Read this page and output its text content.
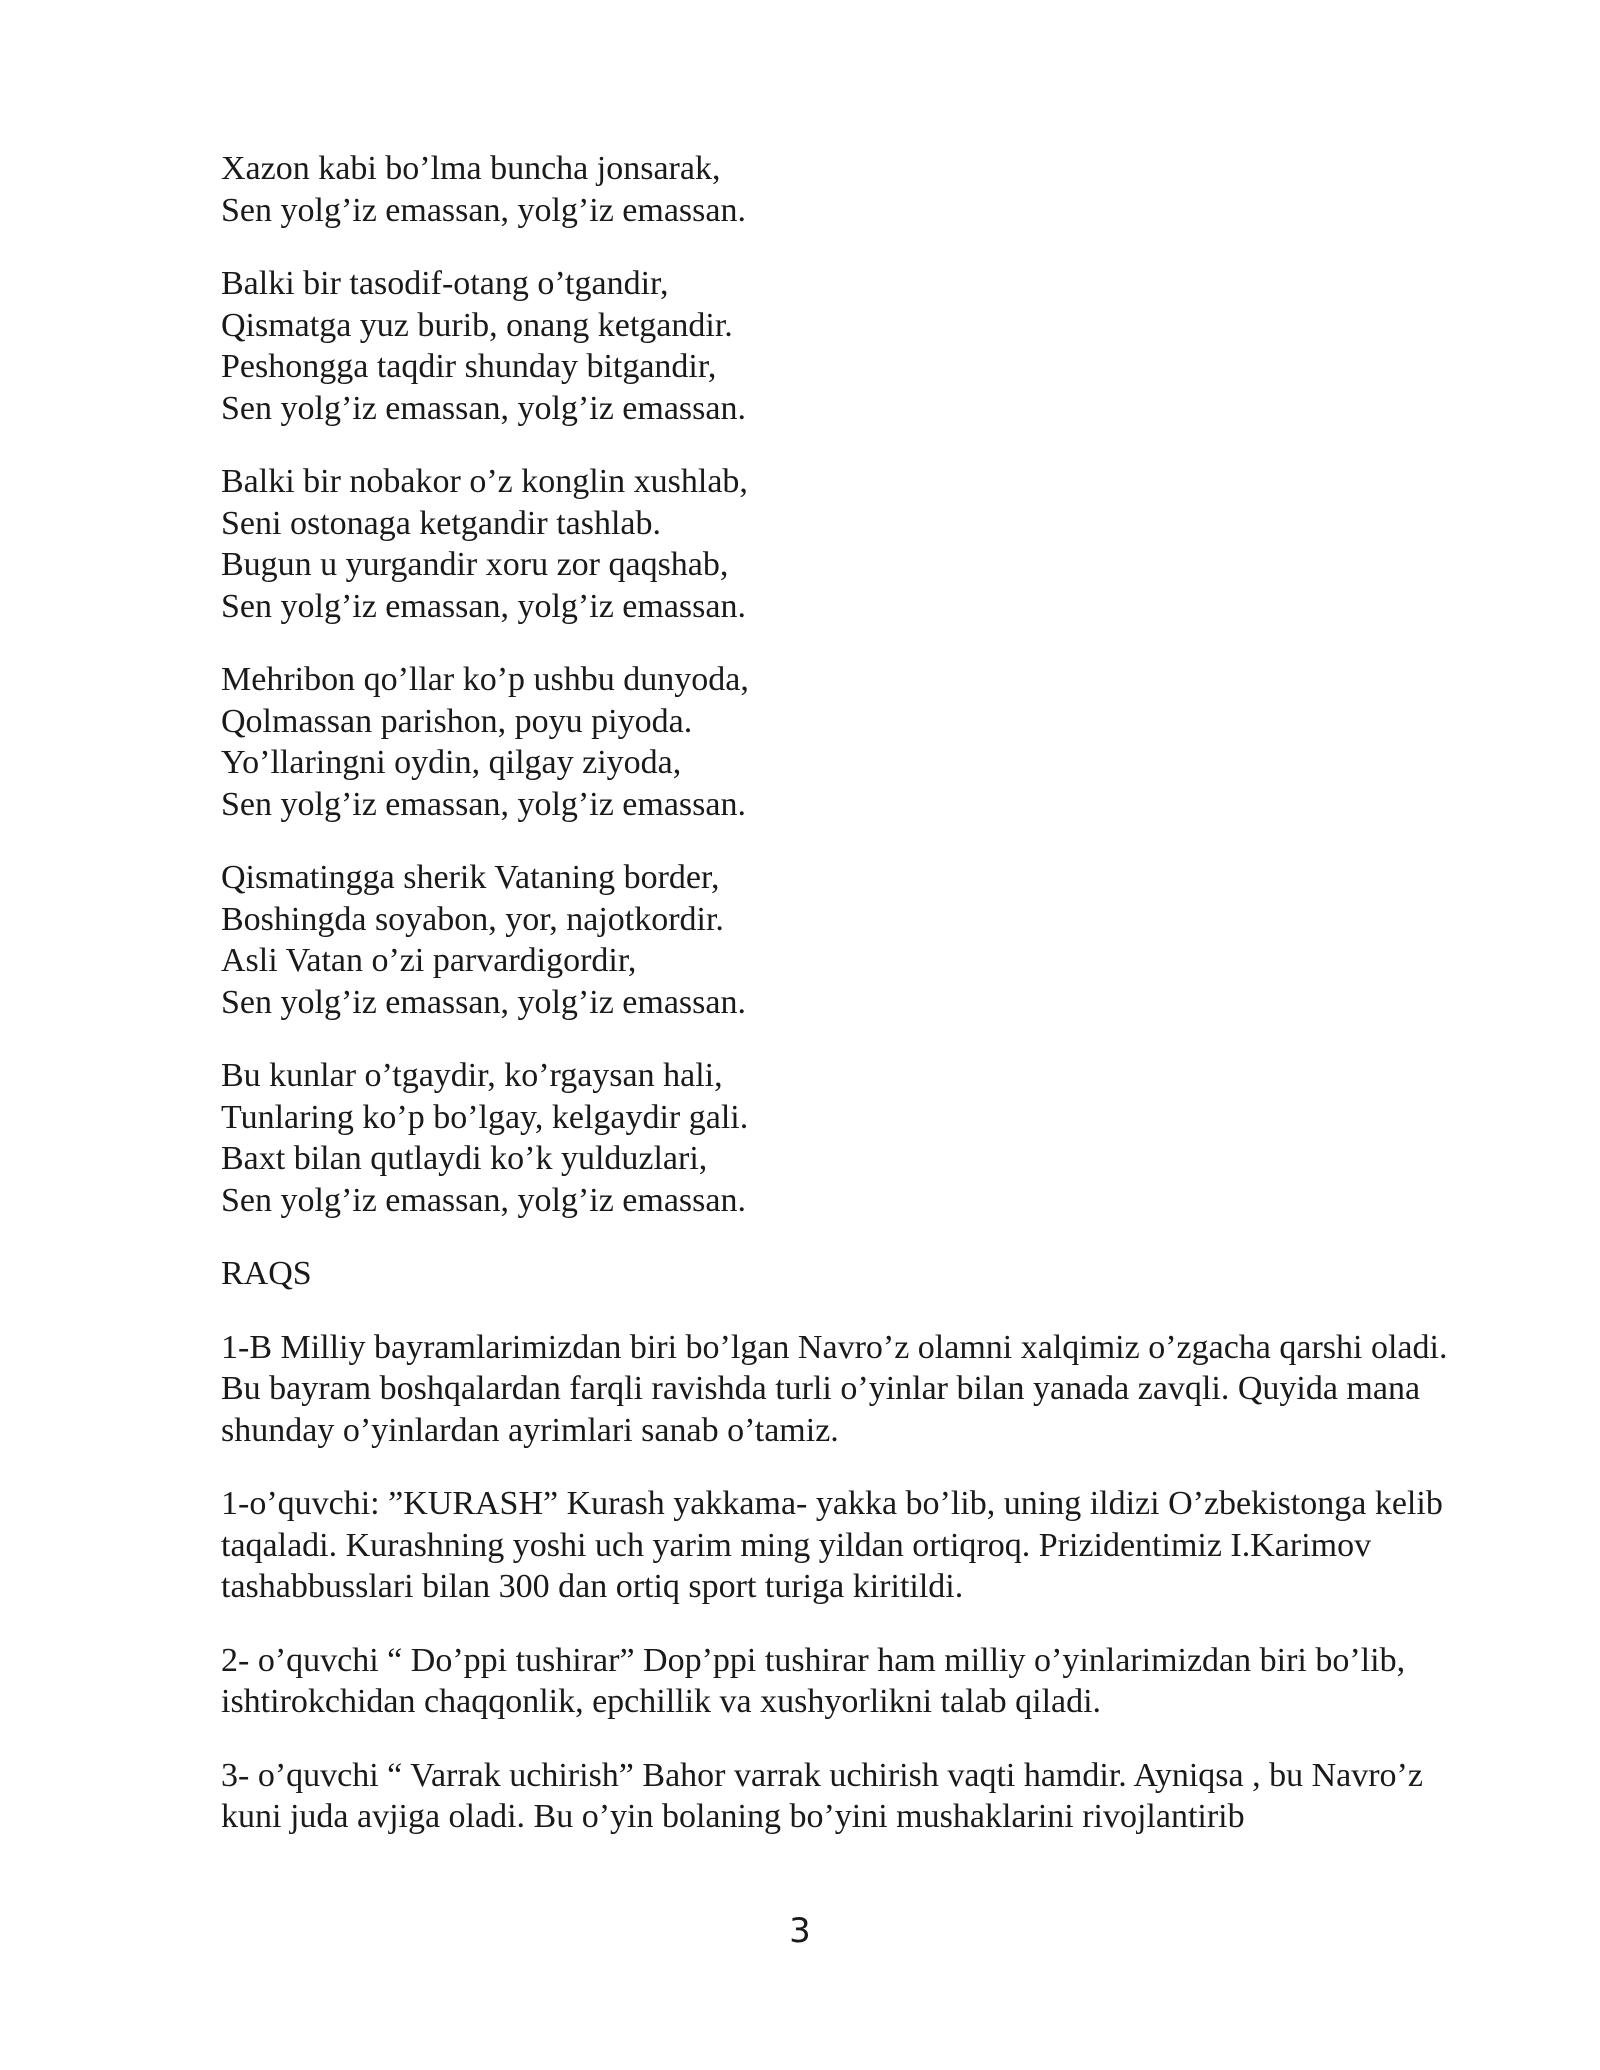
Xazon kabi bo’lma buncha jonsarak,
Sen yolg’iz emassan, yolg’iz emassan.
Balki bir tasodif-otang o’tgandir,
Qismatga yuz burib, onang ketgandir.
Peshongga taqdir shunday bitgandir,
Sen yolg’iz emassan, yolg’iz emassan.
Balki bir nobakor o’z konglin xushlab,
Seni ostonaga ketgandir tashlab.
Bugun u yurgandir xoru zor qaqshab,
Sen yolg’iz emassan, yolg’iz emassan.
Mehribon qo’llar ko’p ushbu dunyoda,
Qolmassan parishon, poyu piyoda.
Yo’llaringni oydin, qilgay ziyoda,
Sen yolg’iz emassan, yolg’iz emassan.
Qismatingga sherik Vataning border,
Boshingda soyabon, yor, najotkordir.
Asli Vatan o’zi parvardigordir,
Sen yolg’iz emassan, yolg’iz emassan.
Bu kunlar o’tgaydir, ko’rgaysan hali,
Tunlaring ko’p bo’lgay, kelgaydir gali.
Baxt bilan qutlaydi ko’k yulduzlari,
Sen yolg’iz emassan, yolg’iz emassan.
RAQS

1-B Milliy bayramlarimizdan biri bo’lgan Navro’z olamni xalqimiz o’zgacha qarshi oladi. Bu bayram boshqalardan farqli ravishda turli o’yinlar bilan yanada zavqli. Quyida mana shunday o’yinlardan ayrimlari sanab o’tamiz.

1-o’quvchi: ”KURASH” Kurash yakkama- yakka bo’lib, uning ildizi O’zbekistonga kelib taqaladi. Kurashning yoshi uch yarim ming yildan ortiqroq. Prizidentimiz I.Karimov tashabbusslari bilan 300 dan ortiq sport turiga kiritildi.

2- o’quvchi “ Do’ppi tushirar” Dop’ppi tushirar ham milliy o’yinlarimizdan biri bo’lib, ishtirokchidan chaqqonlik, epchillik va xushyorlikni talab qiladi.

3- o’quvchi “ Varrak uchirish” Bahor varrak uchirish vaqti hamdir. Ayniqsa , bu Navro’z kuni juda avjiga oladi. Bu o’yin bolaning bo’yini mushaklarini rivojlantirib

3
